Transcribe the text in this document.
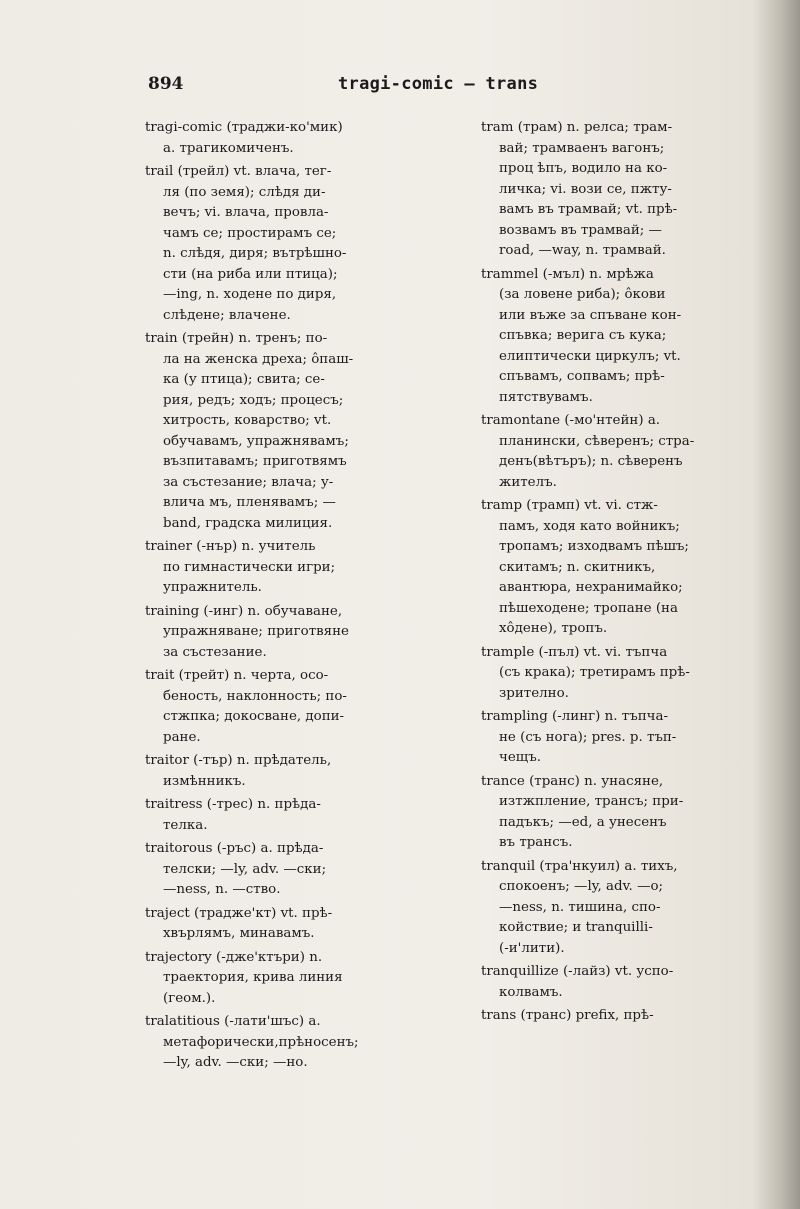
894	tragi-comic — trans
tragi-comic (траджи-ко'мик)
а. трагикомиченъ.
trail (трейл) vt. влача, тег-
ля (по земя); слѣдя ди-
вечъ; vi. влача, провла-
чамъ се; простирамъ се;
n. слѣдя, диря; вътрѣшно-
сти (на риба или птица);
—ing, n. ходене по диря,
слѣдене; влачене.
train (трейн) n. тренъ; по-
ла на женска дреха; ôпаш-
ка (у птица); свита; се-
рия, редъ; ходъ; процесъ;
хитрость, коварство; vt.
обучавамъ, упражнявамъ;
възпитавамъ; приготвямъ
за състезание; влача; у-
влича мъ, пленявамъ; —
band, градска милиция.
trainer (-нър) n. учитель
по гимнастически игри;
упражнитель.
training (-инг) n. обучаване,
упражняване; приготвяне
за състезание.
trait (трейт) n. черта, осо-
беность, наклонность; по-
стжпка; докосване, допи-
ране.
traitor (-тър) n. прѣдатель,
измѣнникъ.
traitress (-трес) n. прѣда-
телка.
traitorous (-ръс) a. прѣда-
телски; —ly, adv. —ски;
—ness, n. —ство.
traject (траджe'кт) vt. прѣ-
хвърлямъ, минавамъ.
trajectory (-дже'ктъри) n.
траектория, крива линия
(геом.).
tralatitious (-лати'шъс) a.
метафорически,прѣносенъ;
—ly, adv. —ски; —но.
tram (трам) n. релса; трам-
вай; трамваенъ вагонъ;
проц ѣпъ, водило на ко-
личка; vi. вози се, пжту-
вамъ въ трамвай; vt. прѣ-
возвамъ въ трамвай; —
road, —way, n. трамвай.
trammel (-мъл) n. мрѣжа
(за ловене риба); ôкови
или въже за спъване кон-
спъвка; верига съ кука;
елиптически циркулъ; vt.
спъвамъ, сопвамъ; прѣ-
пятствувамъ.
tramontane (-мо'нтейн) a.
планински, сѣверенъ; стра-
денъ(вѣтъръ); n. сѣверенъ
жителъ.
tramp (трамп) vt. vi. стж-
памъ, ходя като войникъ;
тропамъ; изходвамъ пѣшъ;
скитамъ; n. скитникъ,
авантюра, нехранимайко;
пѣшеходене; тропане (на
хôдене), тропъ.
trample (-пъл) vt. vi. тъпча
(съ крака); третирамъ прѣ-
зрително.
trampling (-линг) n. тъпча-
не (съ нога); pres. p. тъп-
чещъ.
trance (транс) n. унасяне,
изтжпление, трансъ; при-
падъкъ; —ed, a унесенъ
въ трансъ.
tranquil (тра'нкуил) a. тихъ,
спокоенъ; —ly, adv. —о;
—ness, n. тишина, спо-
койствие; и tranquilli-
(-и'лити).
tranquillize (-лайз) vt. успо-
колвамъ.
trans (транс) prefix, прѣ-
